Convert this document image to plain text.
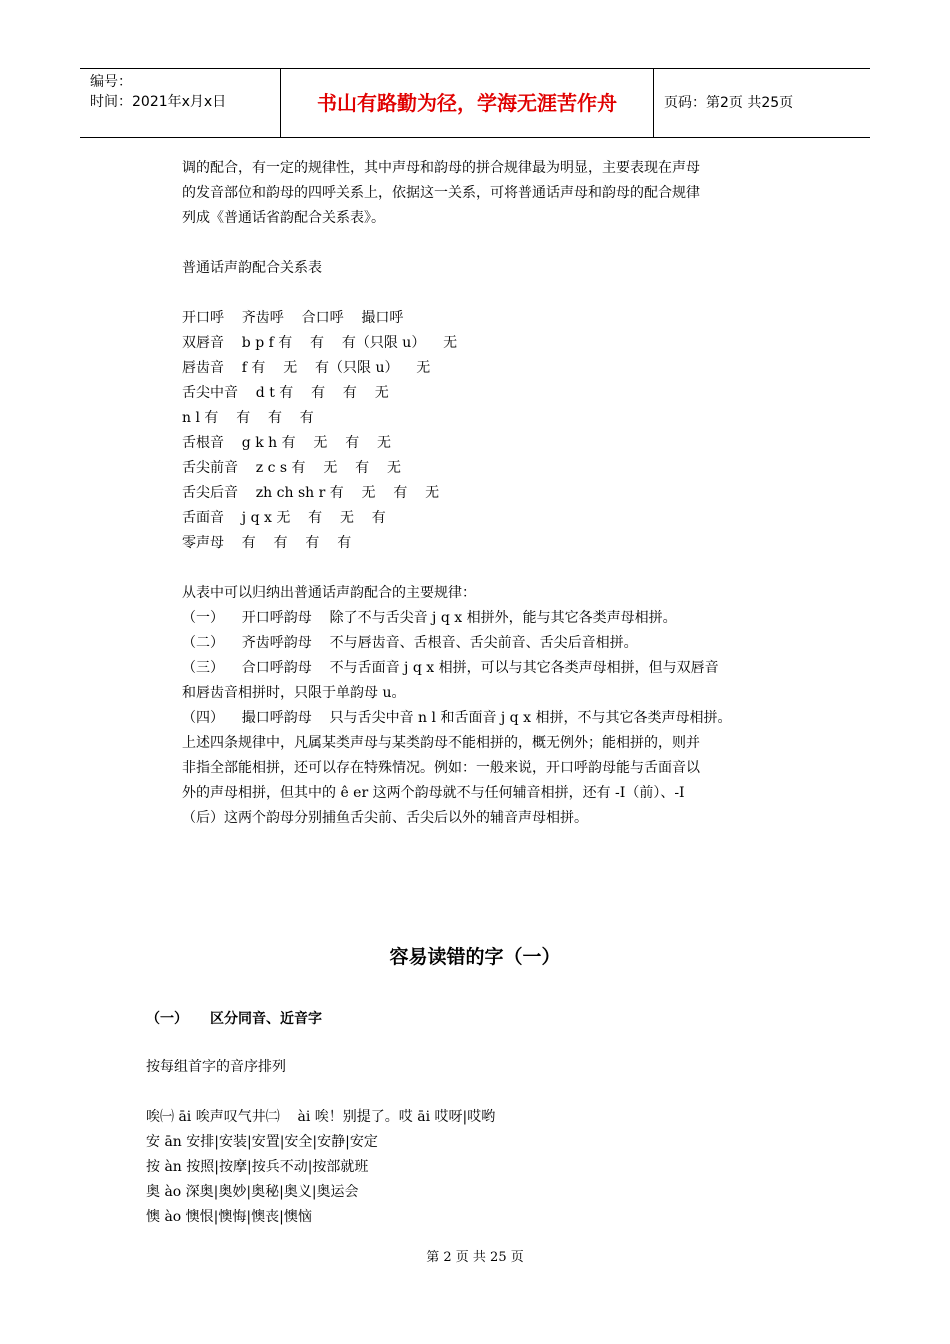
编号：
时间：2021年x月x日	书山有路勤为径，学海无涯苦作舟	页码：第2页 共25页

调的配合，有一定的规律性，其中声母和韵母的拼合规律最为明显，主要表现在声母

的发音部位和韵母的四呼关系上，依据这一关系，可将普通话声母和韵母的配合规律

列成《普通话省韵配合关系表》。

普通话声韵配合关系表

开口呼    齐齿呼    合口呼    撮口呼

双唇音    b p f 有    有    有（只限 u）    无

唇齿音    f 有    无    有（只限 u）    无

舌尖中音    d t 有    有    有    无

n l 有    有    有    有

舌根音    g k h 有    无    有    无

舌尖前音    z c s 有    无    有    无

舌尖后音    zh ch sh r 有    无    有    无

舌面音    j q x 无    有    无    有

零声母    有    有    有    有

从表中可以归纳出普通话声韵配合的主要规律：

（一）    开口呼韵母    除了不与舌尖音 j q x 相拼外，能与其它各类声母相拼。

（二）    齐齿呼韵母    不与唇齿音、舌根音、舌尖前音、舌尖后音相拼。

（三）    合口呼韵母    不与舌面音 j q x 相拼，可以与其它各类声母相拼，但与双唇音

和唇齿音相拼时，只限于单韵母 u。

（四）    撮口呼韵母    只与舌尖中音 n l 和舌面音 j q x 相拼，不与其它各类声母相拼。

上述四条规律中，凡属某类声母与某类韵母不能相拼的，概无例外；能相拼的，则并

非指全部能相拼，还可以存在特殊情况。例如：一般来说，开口呼韵母能与舌面音以

外的声母相拼，但其中的 ê er 这两个韵母就不与任何辅音相拼，还有 -I（前）、-I

（后）这两个韵母分别捕鱼舌尖前、舌尖后以外的辅音声母相拼。

容易读错的字（一）
（一） 区分同音、近音字

按每组首字的音序排列

唉㈠ āi 唉声叹气井㈡    ài 唉！别提了。哎 āi 哎呀|哎哟

安 ān 安排|安装|安置|安全|安静|安定

按 àn 按照|按摩|按兵不动|按部就班

奥 ào 深奥|奥妙|奥秘|奥义|奥运会

懊 ào 懊恨|懊悔|懊丧|懊恼

第 2 页 共 25 页
